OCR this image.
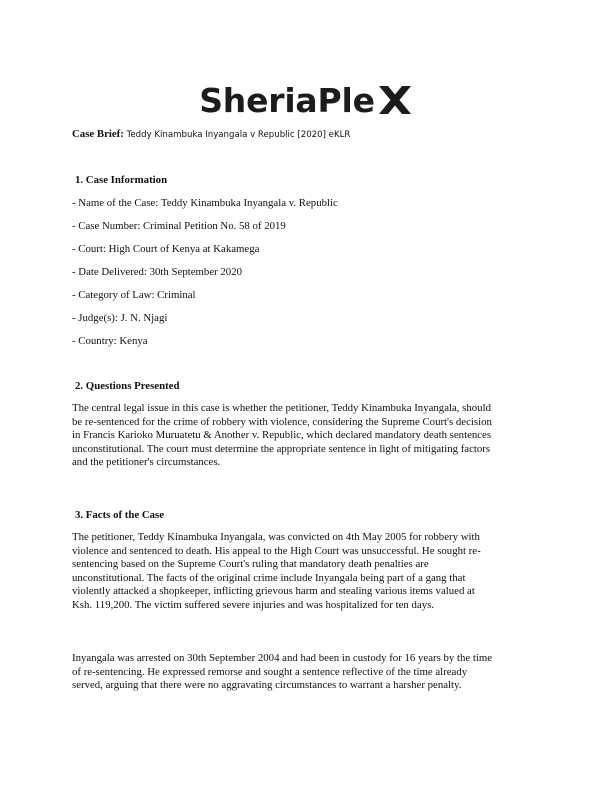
SheriaPle
Case Brief: Teddy Kinambuka Inyangala v Republic [2020] eKLR
1. Case Information
- Name of the Case: Teddy Kinambuka Inyangala v. Republic
- Case Number: Criminal Petition No. 58 of 2019
- Court: High Court of Kenya at Kakamega
- Date Delivered: 30th September 2020
- Category of Law: Criminal
- Judge(s): J. N. Njagi
- Country: Kenya
2. Questions Presented
The central legal issue in this case is whether the petitioner, Teddy Kinambuka Inyangala, should
be re-sentenced for the crime of robbery with violence, considering the Supreme Court's decision
in Francis Karioko Muruatetu & Another v. Republic, which declared mandatory death sentences
unconstitutional. The court must determine the appropriate sentence in light of mitigating factors
and the petitioner's circumstances.
3. Facts of the Case
The petitioner, Teddy Kinambuka Inyangala, was convicted on 4th May 2005 for robbery with
violence and sentenced to death. His appeal to the High Court was unsuccessful. He sought re-
sentencing based on the Supreme Court's ruling that mandatory death penalties are
unconstitutional. The facts of the original crime include Inyangala being part of a gang that
violently attacked a shopkeeper, inflicting grievous harm and stealing various items valued at
Ksh. 119,200. The victim suffered severe injuries and was hospitalized for ten days.
Inyangala was arrested on 30th September 2004 and had been in custody for 16 years by the time
of re-sentencing. He expressed remorse and sought a sentence reflective of the time already
served, arguing that there were no aggravating circumstances to warrant a harsher penalty.
